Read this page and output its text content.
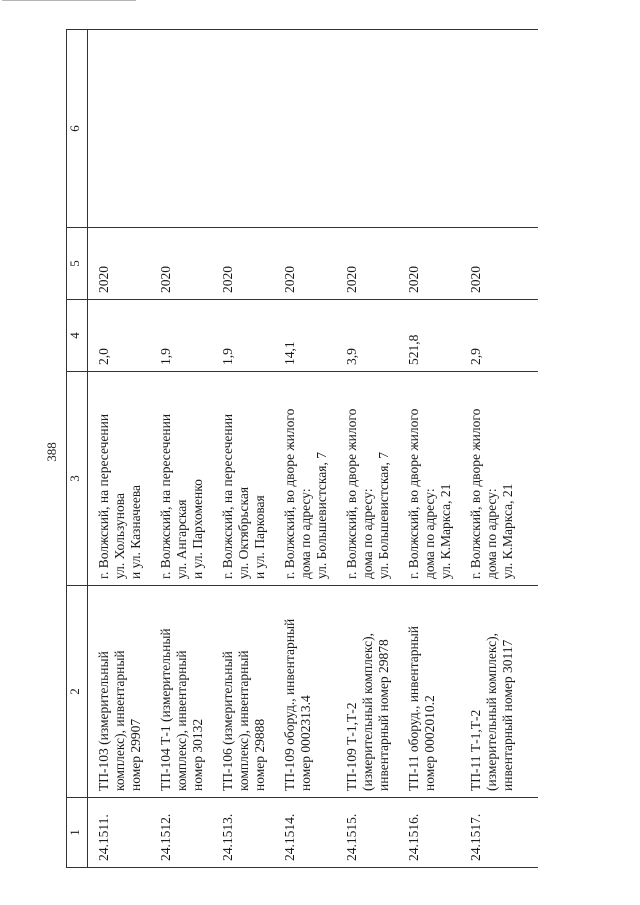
388
1	2	3	4	5	6
24.1511.	ТП-103 (измерительный комплекс), инвентарный номер 29907	г. Волжский, на пересечении ул. Хользунова и ул. Казначеева	2,0	2020	
24.1512.	ТП-104 Т-1 (измерительный комплекс), инвентарный номер 30132	г. Волжский, на пересечении ул. Ангарская и ул. Пархоменко	1,9	2020	
24.1513.	ТП-106 (измерительный комплекс), инвентарный номер 29888	г. Волжский, на пересечении ул. Октябрьская и ул. Парковая	1,9	2020	
24.1514.	ТП-109 оборуд., инвентарный номер 0002313.4	г. Волжский, во дворе жилого дома по адресу: ул. Большевистская, 7	14,1	2020	
24.1515.	ТП-109 Т-1,Т-2 (измерительный комплекс), инвентарный номер 29878	г. Волжский, во дворе жилого дома по адресу: ул. Большевистская, 7	3,9	2020	
24.1516.	ТП-11 оборуд., инвентарный номер 0002010.2	г. Волжский, во дворе жилого дома по адресу: ул. К.Маркса, 21	521,8	2020	
24.1517.	ТП-11 Т-1,Т-2 (измерительный комплекс), инвентарный номер 30117	г. Волжский, во дворе жилого дома по адресу: ул. К.Маркса, 21	2,9	2020	
